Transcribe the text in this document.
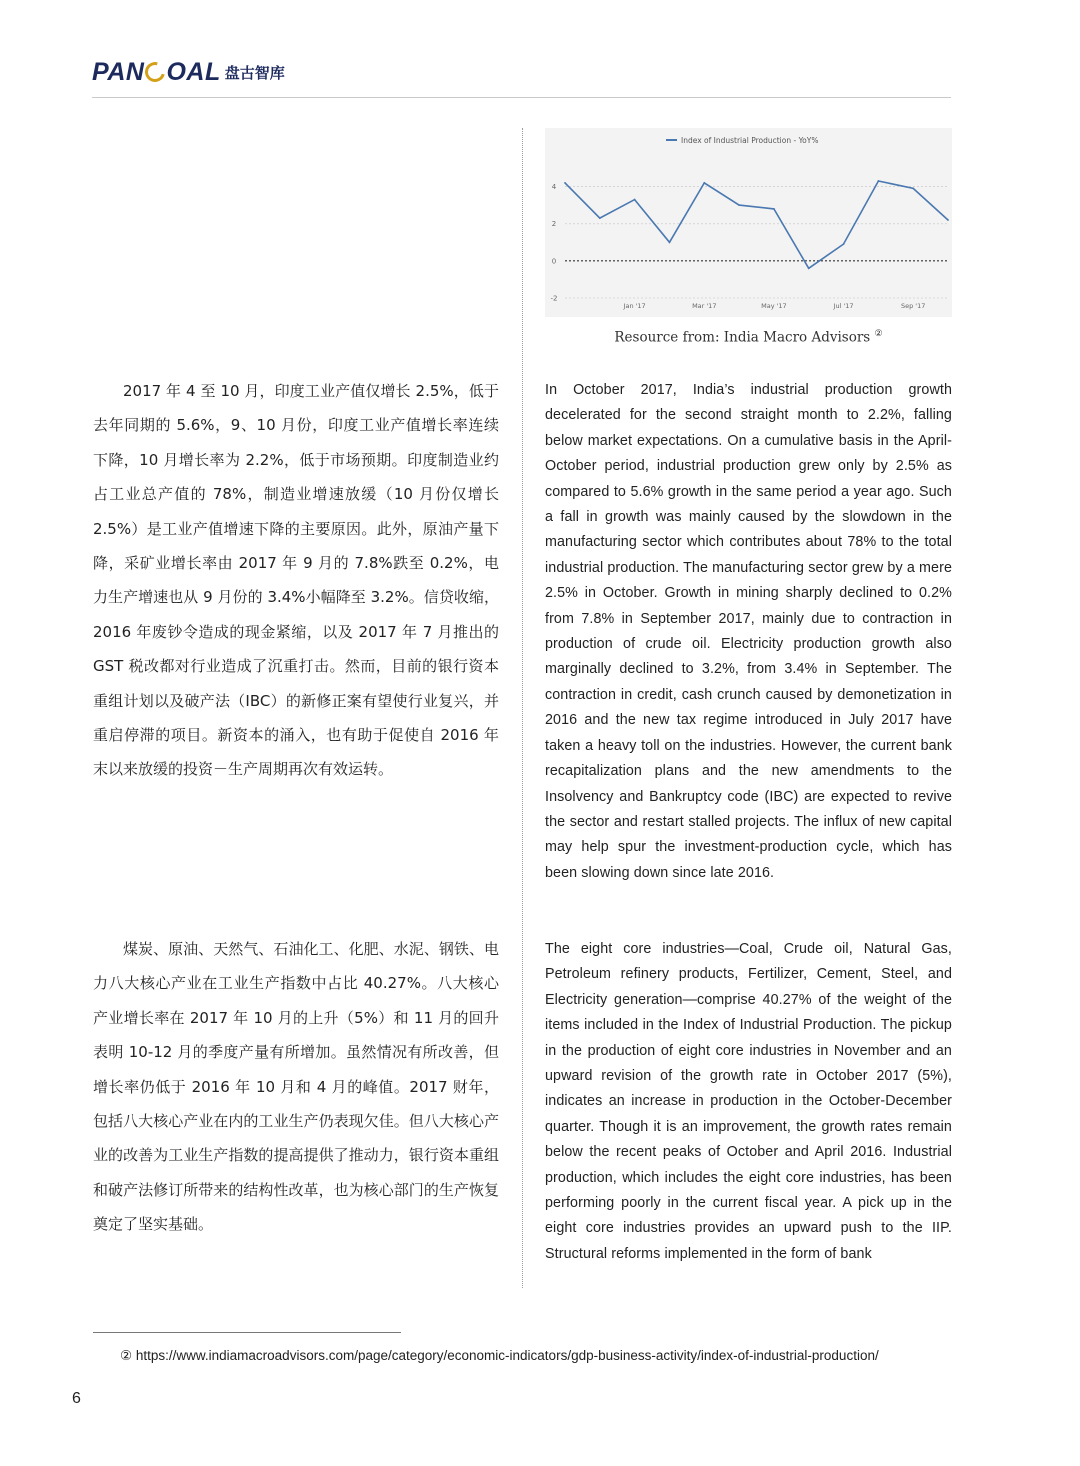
PAN OAL 盘古智库
Index of Industrial Production - YoY%
-2
0
2
4
Jan '17	Mar '17	May '17	Jul '17	Sep '17
Resource from: India Macro Advisors ②

2017 年 4 至 10 月，印度工业产值仅增长 2.5%，低于去年同期的 5.6%，9、10 月份，印度工业产值增长率连续下降，10 月增长率为 2.2%，低于市场预期。印度制造业约占工业总产值的 78%，制造业增速放缓（10 月份仅增长 2.5%）是工业产值增速下降的主要原因。此外，原油产量下降，采矿业增长率由 2017 年 9 月的 7.8%跌至 0.2%，电力生产增速也从 9 月份的 3.4%小幅降至 3.2%。信贷收缩，2016 年废钞令造成的现金紧缩，以及 2017 年 7 月推出的 GST 税改都对行业造成了沉重打击。然而，目前的银行资本重组计划以及破产法（IBC）的新修正案有望使行业复兴，并重启停滞的项目。新资本的涌入，也有助于促使自 2016 年末以来放缓的投资－生产周期再次有效运转。

In October 2017, India’s industrial production growth decelerated for the second straight month to 2.2%, falling below market expectations. On a cumulative basis in the April-October period, industrial production grew only by 2.5% as compared to 5.6% growth in the same period a year ago. Such a fall in growth was mainly caused by the slowdown in the manufacturing sector which contributes about 78% to the total industrial production. The manufacturing sector grew by a mere 2.5% in October. Growth in mining sharply declined to 0.2% from 7.8% in September 2017, mainly due to contraction in production of crude oil. Electricity production growth also marginally declined to 3.2%, from 3.4% in September. The contraction in credit, cash crunch caused by demonetization in 2016 and the new tax regime introduced in July 2017 have taken a heavy toll on the industries. However, the current bank recapitalization plans and the new amendments to the Insolvency and Bankruptcy code (IBC) are expected to revive the sector and restart stalled projects. The influx of new capital may help spur the investment-production cycle, which has been slowing down since late 2016.

煤炭、原油、天然气、石油化工、化肥、水泥、钢铁、电力八大核心产业在工业生产指数中占比 40.27%。八大核心产业增长率在 2017 年 10 月的上升（5%）和 11 月的回升表明 10-12 月的季度产量有所增加。虽然情况有所改善，但增长率仍低于 2016 年 10 月和 4 月的峰值。2017 财年，包括八大核心产业在内的工业生产仍表现欠佳。但八大核心产业的改善为工业生产指数的提高提供了推动力，银行资本重组和破产法修订所带来的结构性改革，也为核心部门的生产恢复奠定了坚实基础。

The eight core industries—Coal, Crude oil, Natural Gas, Petroleum refinery products, Fertilizer, Cement, Steel, and Electricity generation—comprise 40.27% of the weight of the items included in the Index of Industrial Production. The pickup in the production of eight core industries in November and an upward revision of the growth rate in October 2017 (5%), indicates an increase in production in the October-December quarter. Though it is an improvement, the growth rates remain below the recent peaks of October and April 2016. Industrial production, which includes the eight core industries, has been performing poorly in the current fiscal year. A pick up in the eight core industries provides an upward push to the IIP. Structural reforms implemented in the form of bank

② https://www.indiamacroadvisors.com/page/category/economic-indicators/gdp-business-activity/index-of-industrial-production/
6
